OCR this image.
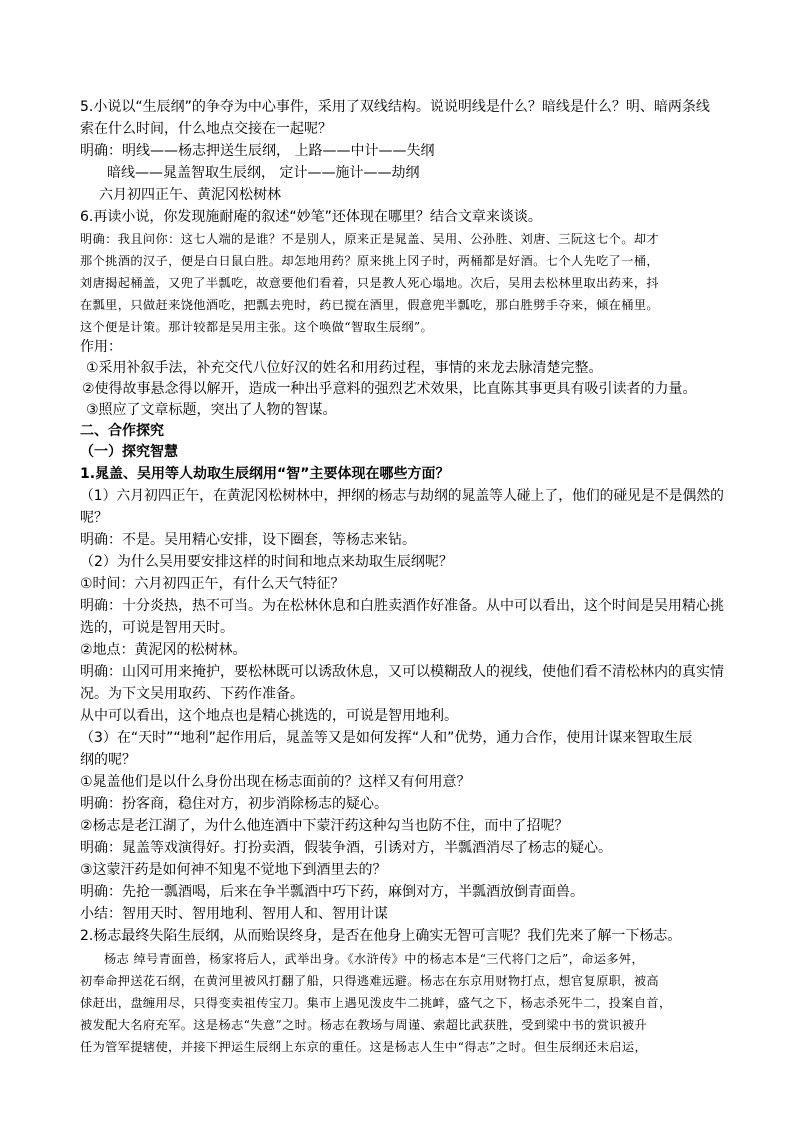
5.小说以“生辰纲”的争夺为中心事件，采用了双线结构。说说明线是什么？暗线是什么？明、暗两条线
索在什么时间，什么地点交接在一起呢？
明确：明线——杨志押送生辰纲， 上路——中计——失纲
暗线——晁盖智取生辰纲， 定计——施计——劫纲
六月初四正午、黄泥冈松树林
6.再读小说，你发现施耐庵的叙述“妙笔”还体现在哪里？结合文章来谈谈。
明确：我且问你：这七人端的是谁？不是别人，原来正是晁盖、吴用、公孙胜、刘唐、三阮这七个。却才
那个挑酒的汉子，便是白日鼠白胜。却怎地用药？原来挑上冈子时，两桶都是好酒。七个人先吃了一桶，
刘唐揭起桶盖，又兜了半瓢吃，故意要他们看着，只是教人死心塌地。次后，吴用去松林里取出药来，抖
在瓢里，只做赶来饶他酒吃，把瓢去兜时，药已搅在酒里，假意兜半瓢吃，那白胜劈手夺来，倾在桶里。
这个便是计策。那计较都是吴用主张。这个唤做“智取生辰纲”。
作用：
①采用补叙手法，补充交代八位好汉的姓名和用药过程，事情的来龙去脉清楚完整。
②使得故事悬念得以解开，造成一种出乎意料的强烈艺术效果，比直陈其事更具有吸引读者的力量。
③照应了文章标题，突出了人物的智谋。
二、合作探究
（一）探究智慧
1.晁盖、吴用等人劫取生辰纲用“智”主要体现在哪些方面？
（1）六月初四正午，在黄泥冈松树林中，押纲的杨志与劫纲的晁盖等人碰上了，他们的碰见是不是偶然的
呢？
明确：不是。吴用精心安排，设下圈套，等杨志来钻。
（2）为什么吴用要安排这样的时间和地点来劫取生辰纲呢？
①时间：六月初四正午，有什么天气特征？
明确：十分炎热，热不可当。为在松林休息和白胜卖酒作好准备。从中可以看出，这个时间是吴用精心挑
选的，可说是智用天时。
②地点：黄泥冈的松树林。
明确：山冈可用来掩护，要松林既可以诱敌休息，又可以模糊敌人的视线，使他们看不清松林内的真实情
况。为下文吴用取药、下药作准备。
从中可以看出，这个地点也是精心挑选的，可说是智用地利。
（3）在“天时”“地利”起作用后，晁盖等又是如何发挥“人和”优势，通力合作，使用计谋来智取生辰
纲的呢？
①晁盖他们是以什么身份出现在杨志面前的？这样又有何用意？
明确：扮客商，稳住对方，初步消除杨志的疑心。
②杨志是老江湖了，为什么他连酒中下蒙汗药这种勾当也防不住，而中了招呢？
明确：晁盖等戏演得好。打扮卖酒，假装争酒，引诱对方，半瓢酒消尽了杨志的疑心。
③这蒙汗药是如何神不知鬼不觉地下到酒里去的？
明确：先抢一瓢酒喝，后来在争半瓢酒中巧下药，麻倒对方，半瓢酒放倒青面兽。
小结：智用天时、智用地利、智用人和、智用计谋
2.杨志最终失陷生辰纲，从而贻误终身，是否在他身上确实无智可言呢？我们先来了解一下杨志。
杨志 绰号青面兽，杨家将后人，武举出身。《水浒传》中的杨志本是“三代将门之后”，命运多舛，
初奉命押送花石纲，在黄河里被风打翻了船，只得逃难远避。杨志在东京用财物打点，想官复原职，被高
俅赶出，盘缠用尽，只得变卖祖传宝刀。集市上遇见泼皮牛二挑衅，盛气之下，杨志杀死牛二，投案自首，
被发配大名府充军。这是杨志“失意”之时。杨志在教场与周谨、索超比武获胜，受到梁中书的赏识被升
任为管军提辖使，并接下押运生辰纲上东京的重任。这是杨志人生中“得志”之时。但生辰纲还未启运，
